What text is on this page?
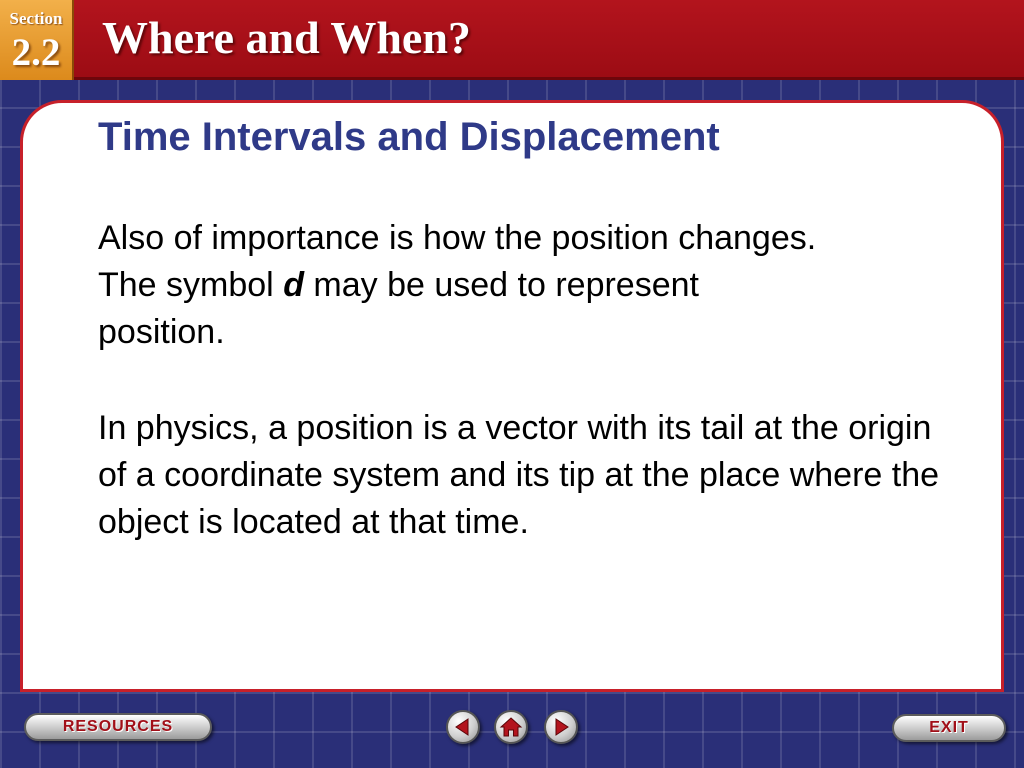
Section
2.2 Where and When?
Time Intervals and Displacement

Also of importance is how the position changes.
The symbol d may be used to represent
position.

In physics, a position is a vector with its tail at the origin of a coordinate system and its tip at the place where the object is located at that time.

RESOURCES	EXIT
